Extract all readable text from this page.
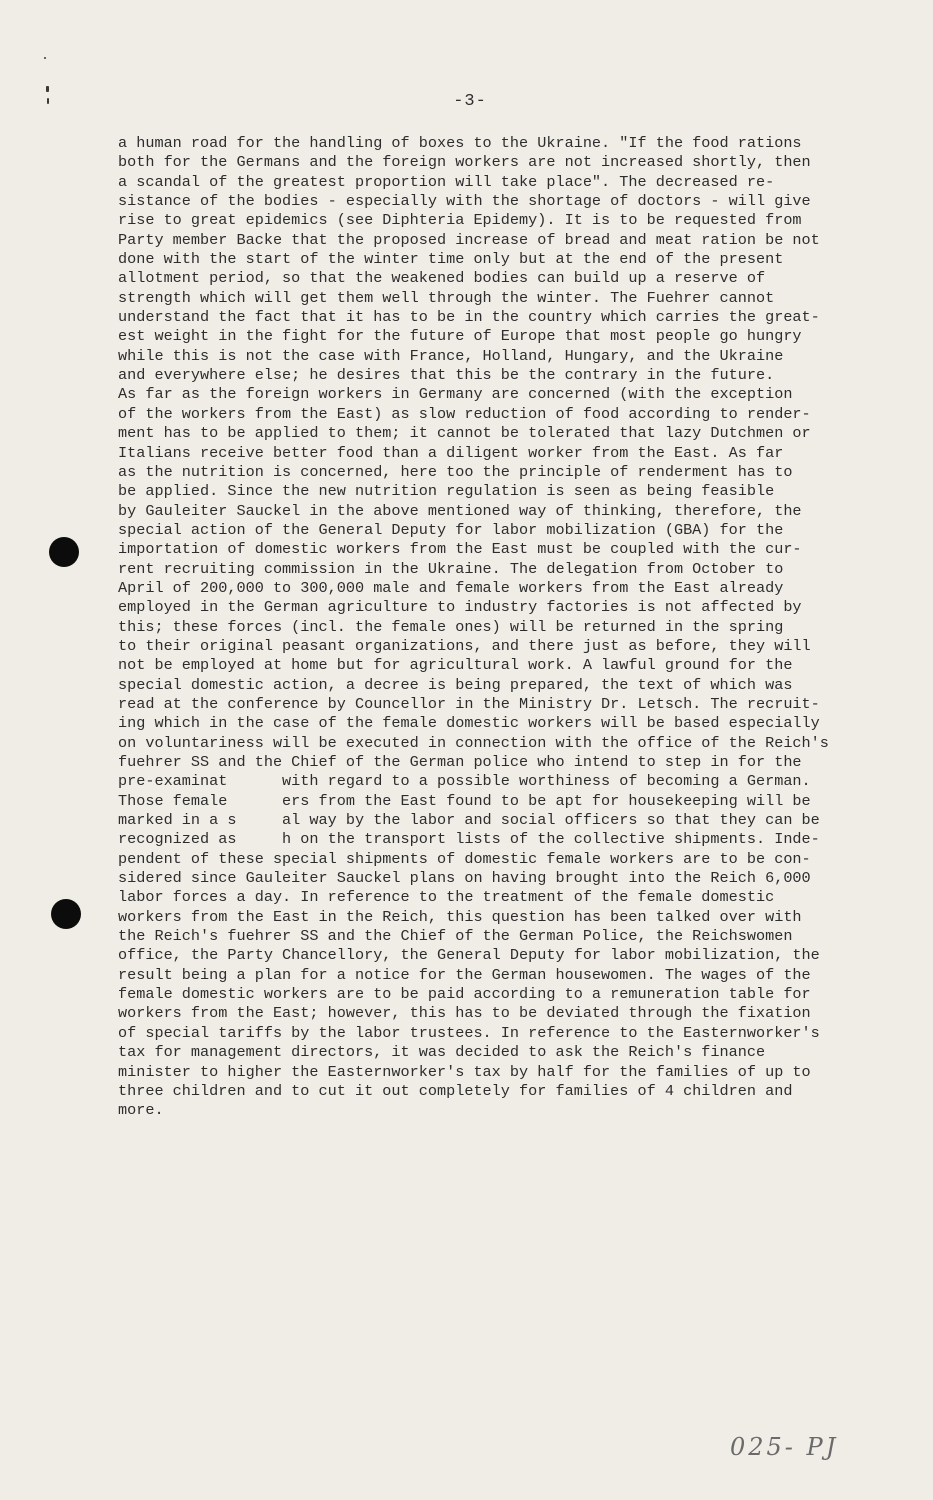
-3-
a human road for the handling of boxes to the Ukraine. "If the food rations
both for the Germans and the foreign workers are not increased shortly, then
a scandal of the greatest proportion will take place". The decreased re-
sistance of the bodies - especially with the shortage of doctors - will give
rise to great epidemics (see Diphteria Epidemy). It is to be requested from
Party member Backe that the proposed increase of bread and meat ration be not
done with the start of the winter time only but at the end of the present
allotment period, so that the weakened bodies can build up a reserve of
strength which will get them well through the winter. The Fuehrer cannot
understand the fact that it has to be in the country which carries the great-
est weight in the fight for the future of Europe that most people go hungry
while this is not the case with France, Holland, Hungary, and the Ukraine
and everywhere else; he desires that this be the contrary in the future.
As far as the foreign workers in Germany are concerned (with the exception
of the workers from the East) as slow reduction of food according to render-
ment has to be applied to them; it cannot be tolerated that lazy Dutchmen or
Italians receive better food than a diligent worker from the East. As far
as the nutrition is concerned, here too the principle of renderment has to
be applied. Since the new nutrition regulation is seen as being feasible
by Gauleiter Sauckel in the above mentioned way of thinking, therefore, the
special action of the General Deputy for labor mobilization (GBA) for the
importation of domestic workers from the East must be coupled with the cur-
rent recruiting commission in the Ukraine. The delegation from October to
April of 200,000 to 300,000 male and female workers from the East already
employed in the German agriculture to industry factories is not affected by
this; these forces (incl. the female ones) will be returned in the spring
to their original peasant organizations, and there just as before, they will
not be employed at home but for agricultural work. A lawful ground for the
special domestic action, a decree is being prepared, the text of which was
read at the conference by Councellor in the Ministry Dr. Letsch. The recruit-
ing which in the case of the female domestic workers will be based especially
on voluntariness will be executed in connection with the office of the Reich's
fuehrer SS and the Chief of the German police who intend to step in for the
pre-examinat      with regard to a possible worthiness of becoming a German.
Those female      ers from the East found to be apt for housekeeping will be
marked in a s     al way by the labor and social officers so that they can be
recognized as     h on the transport lists of the collective shipments. Inde-
pendent of these special shipments of domestic female workers are to be con-
sidered since Gauleiter Sauckel plans on having brought into the Reich 6,000
labor forces a day. In reference to the treatment of the female domestic
workers from the East in the Reich, this question has been talked over with
the Reich's fuehrer SS and the Chief of the German Police, the Reichswomen
office, the Party Chancellory, the General Deputy for labor mobilization, the
result being a plan for a notice for the German housewomen. The wages of the
female domestic workers are to be paid according to a remuneration table for
workers from the East; however, this has to be deviated through the fixation
of special tariffs by the labor trustees. In reference to the Easternworker's
tax for management directors, it was decided to ask the Reich's finance
minister to higher the Easternworker's tax by half for the families of up to
three children and to cut it out completely for families of 4 children and
more.
025- PJ
